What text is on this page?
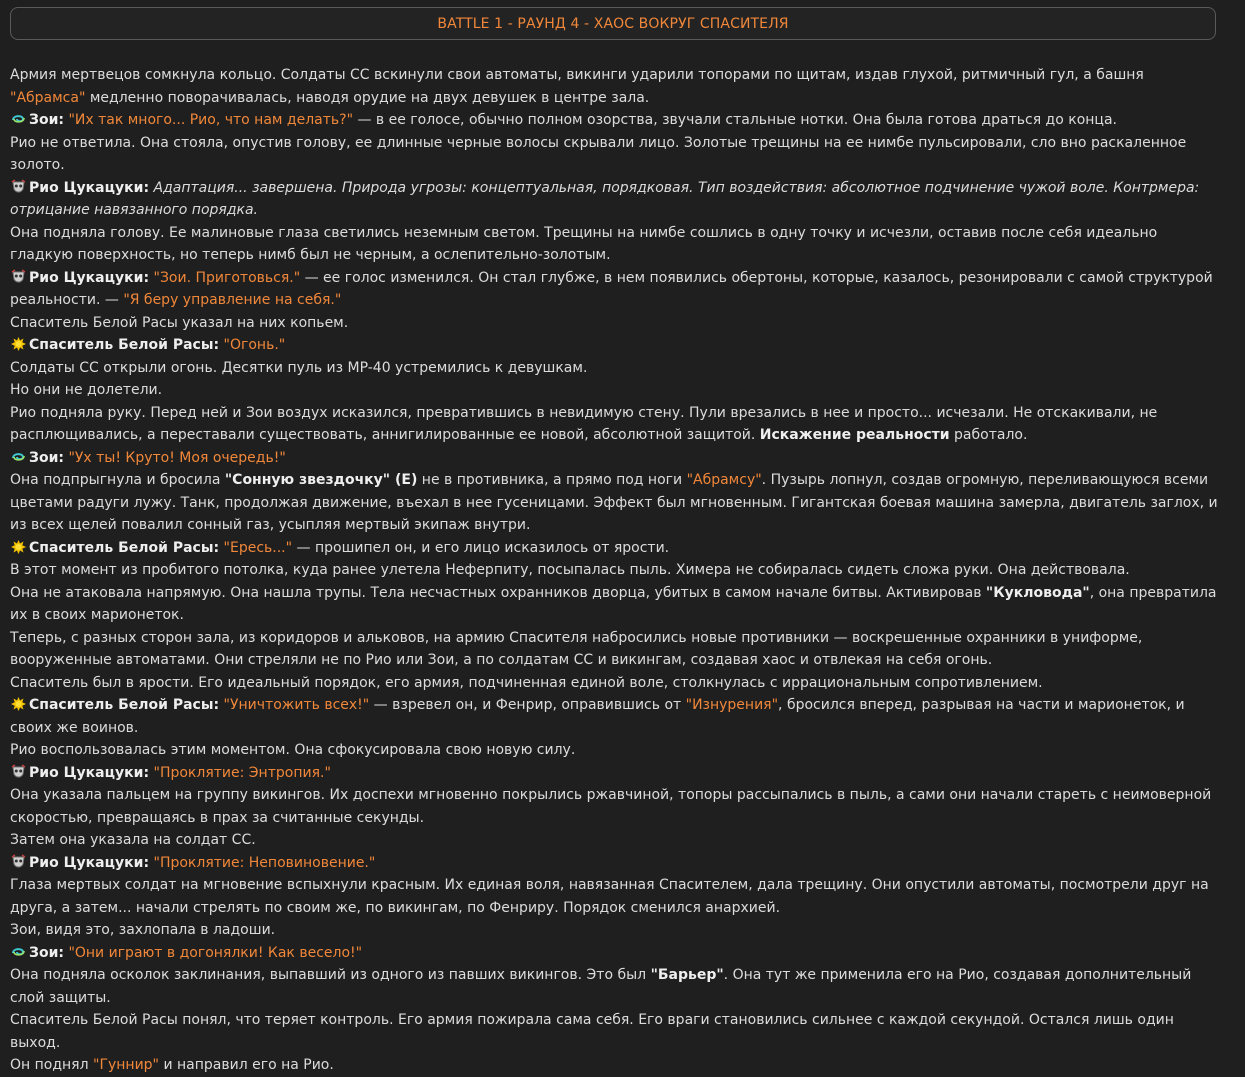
BATTLE 1 - РАУНД 4 - ХАОС ВОКРУГ СПАСИТЕЛЯ

Армия мертвецов сомкнула кольцо. Солдаты СС вскинули свои автоматы, викинги ударили топорами по щитам, издав глухой, ритмичный гул, а башня "Абрамса" медленно поворачивалась, наводя орудие на двух девушек в центре зала.

Зои: "Их так много... Рио, что нам делать?" — в ее голосе, обычно полном озорства, звучали стальные нотки. Она была готова драться до конца.

Рио не ответила. Она стояла, опустив голову, ее длинные черные волосы скрывали лицо. Золотые трещины на ее нимбе пульсировали, сло вно раскаленное золото.

Рио Цукацуки: Адаптация... завершена. Природа угрозы: концептуальная, порядковая. Тип воздействия: абсолютное подчинение чужой воле. Контрмера: отрицание навязанного порядка.

Она подняла голову. Ее малиновые глаза светились неземным светом. Трещины на нимбе сошлись в одну точку и исчезли, оставив после себя идеально гладкую поверхность, но теперь нимб был не черным, а ослепительно-золотым.

Рио Цукацуки: "Зои. Приготовься." — ее голос изменился. Он стал глубже, в нем появились обертоны, которые, казалось, резонировали с самой структурой реальности. — "Я беру управление на себя."

Спаситель Белой Расы указал на них копьем.

Спаситель Белой Расы: "Огонь."

Солдаты СС открыли огонь. Десятки пуль из MP-40 устремились к девушкам.

Но они не долетели.

Рио подняла руку. Перед ней и Зои воздух исказился, превратившись в невидимую стену. Пули врезались в нее и просто... исчезали. Не отскакивали, не расплющивались, а переставали существовать, аннигилированные ее новой, абсолютной защитой. Искажение реальности работало.

Зои: "Ух ты! Круто! Моя очередь!"

Она подпрыгнула и бросила "Сонную звездочку" (E) не в противника, а прямо под ноги "Абрамсу". Пузырь лопнул, создав огромную, переливающуюся всеми цветами радуги лужу. Танк, продолжая движение, въехал в нее гусеницами. Эффект был мгновенным. Гигантская боевая машина замерла, двигатель заглох, и из всех щелей повалил сонный газ, усыпляя мертвый экипаж внутри.

Спаситель Белой Расы: "Ересь..." — прошипел он, и его лицо исказилось от ярости.

В этот момент из пробитого потолка, куда ранее улетела Неферпиту, посыпалась пыль. Химера не собиралась сидеть сложа руки. Она действовала.

Она не атаковала напрямую. Она нашла трупы. Тела несчастных охранников дворца, убитых в самом начале битвы. Активировав "Кукловода", она превратила их в своих марионеток.

Теперь, с разных сторон зала, из коридоров и альковов, на армию Спасителя набросились новые противники — воскрешенные охранники в униформе, вооруженные автоматами. Они стреляли не по Рио или Зои, а по солдатам СС и викингам, создавая хаос и отвлекая на себя огонь.

Спаситель был в ярости. Его идеальный порядок, его армия, подчиненная единой воле, столкнулась с иррациональным сопротивлением.

Спаситель Белой Расы: "Уничтожить всех!" — взревел он, и Фенрир, оправившись от "Изнурения", бросился вперед, разрывая на части и марионеток, и своих же воинов.

Рио воспользовалась этим моментом. Она сфокусировала свою новую силу.

Рио Цукацуки: "Проклятие: Энтропия."

Она указала пальцем на группу викингов. Их доспехи мгновенно покрылись ржавчиной, топоры рассыпались в пыль, а сами они начали стареть с неимоверной скоростью, превращаясь в прах за считанные секунды.

Затем она указала на солдат СС.

Рио Цукацуки: "Проклятие: Неповиновение."

Глаза мертвых солдат на мгновение вспыхнули красным. Их единая воля, навязанная Спасителем, дала трещину. Они опустили автоматы, посмотрели друг на друга, а затем... начали стрелять по своим же, по викингам, по Фенриру. Порядок сменился анархией.

Зои, видя это, захлопала в ладоши.

Зои: "Они играют в догонялки! Как весело!"

Она подняла осколок заклинания, выпавший из одного из павших викингов. Это был "Барьер". Она тут же применила его на Рио, создавая дополнительный слой защиты.

Спаситель Белой Расы понял, что теряет контроль. Его армия пожирала сама себя. Его враги становились сильнее с каждой секундой. Остался лишь один выход.

Он поднял "Гуннир" и направил его на Рио.
